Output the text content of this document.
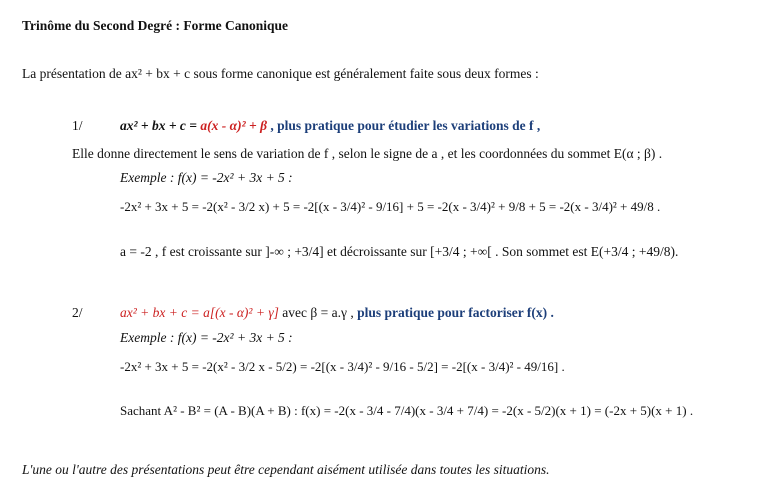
Trinôme du Second Degré : Forme Canonique
La présentation de ax² + bx + c sous forme canonique est généralement faite sous deux formes :
1/	ax² + bx + c = a(x - α)² + β , plus pratique pour étudier les variations de f ,
Elle donne directement le sens de variation de f , selon le signe de a , et les coordonnées du sommet E(α ; β) .
Exemple : f(x) = -2x² + 3x + 5 :
-2x² + 3x + 5 = -2(x² - 3/2 x) + 5 = -2[(x - 3/4)² - 9/16] + 5 = -2(x - 3/4)² + 9/8 + 5 = -2(x - 3/4)² + 49/8 .
a = -2 , f est croissante sur ]-∞ ; +3/4] et décroissante sur [+3/4 ; +∞[ . Son sommet est E(+3/4 ; +49/8).
2/	ax² + bx + c = a[(x - α)² + γ] avec β = a.γ , plus pratique pour factoriser f(x) .
Exemple : f(x) = -2x² + 3x + 5 :
-2x² + 3x + 5 = -2(x² - 3/2 x - 5/2) = -2[(x - 3/4)² - 9/16 - 5/2] = -2[(x - 3/4)² - 49/16] .
Sachant A² - B² = (A - B)(A + B) : f(x) = -2(x - 3/4 - 7/4)(x - 3/4 + 7/4) = -2(x - 5/2)(x + 1) = (-2x + 5)(x + 1) .
L'une ou l'autre des présentations peut être cependant aisément utilisée dans toutes les situations.
